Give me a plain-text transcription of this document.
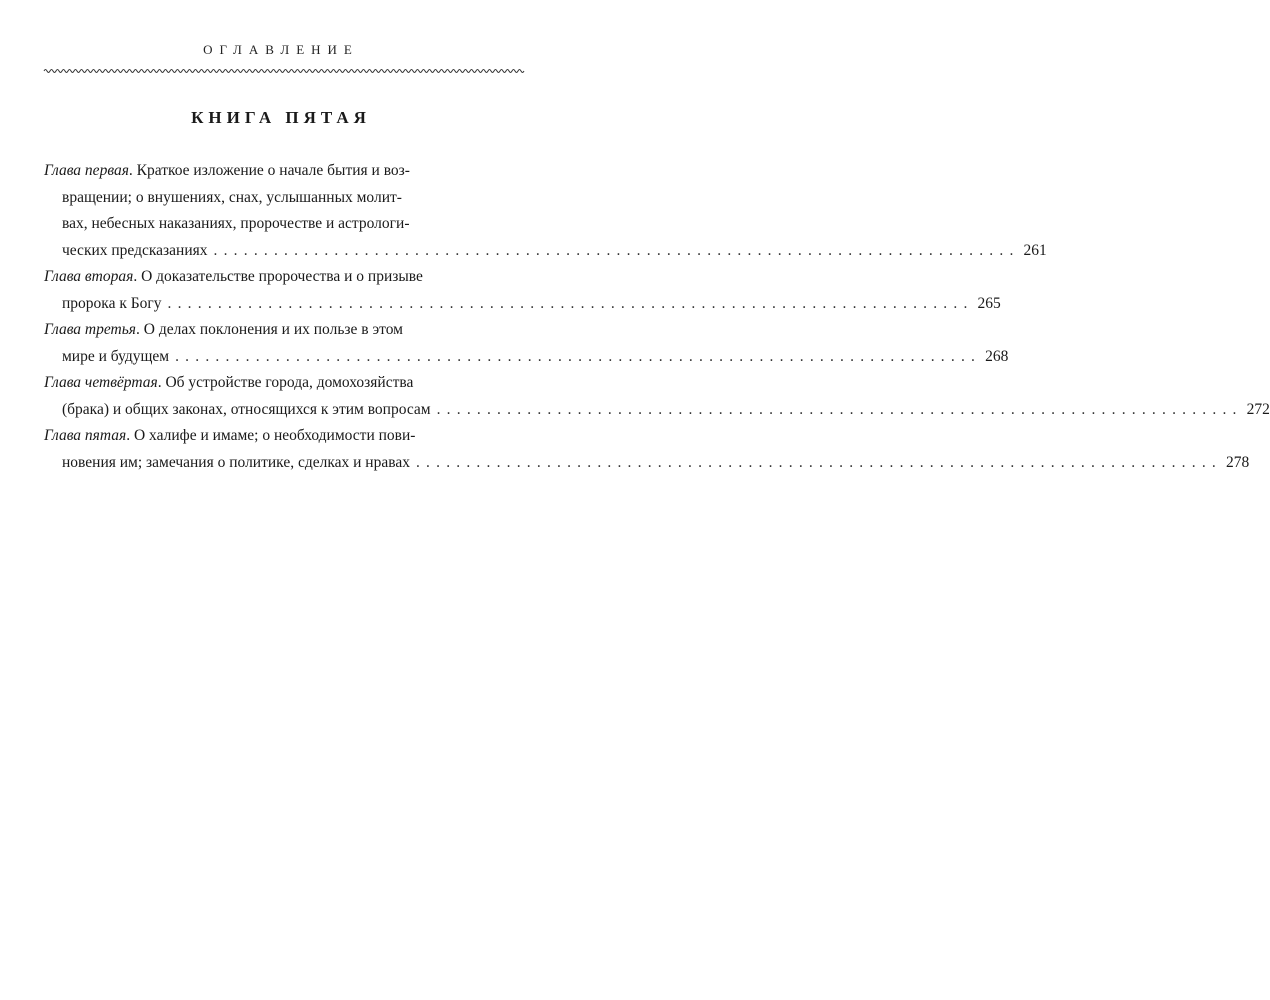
ОГЛАВЛЕНИЕ
КНИГА ПЯТАЯ
Глава первая. Краткое изложение о начале бытия и воз-
вращении; о внушениях, снах, услышанных молит-
вах, небесных наказаниях, пророчестве и астрологи-
ческих предсказаниях ................................................................................ 261
Глава вторая. О доказательстве пророчества и о призыве
пророка к Богу ................................................................................ 265
Глава третья. О делах поклонения и их пользе в этом
мире и будущем ................................................................................ 268
Глава четвёртая. Об устройстве города, домохозяйства
(брака) и общих законах, относящихся к этим вопросам ................................................................................ 272
Глава пятая. О халифе и имаме; о необходимости пови-
новения им; замечания о политике, сделках и нравах ................................................................................ 278
